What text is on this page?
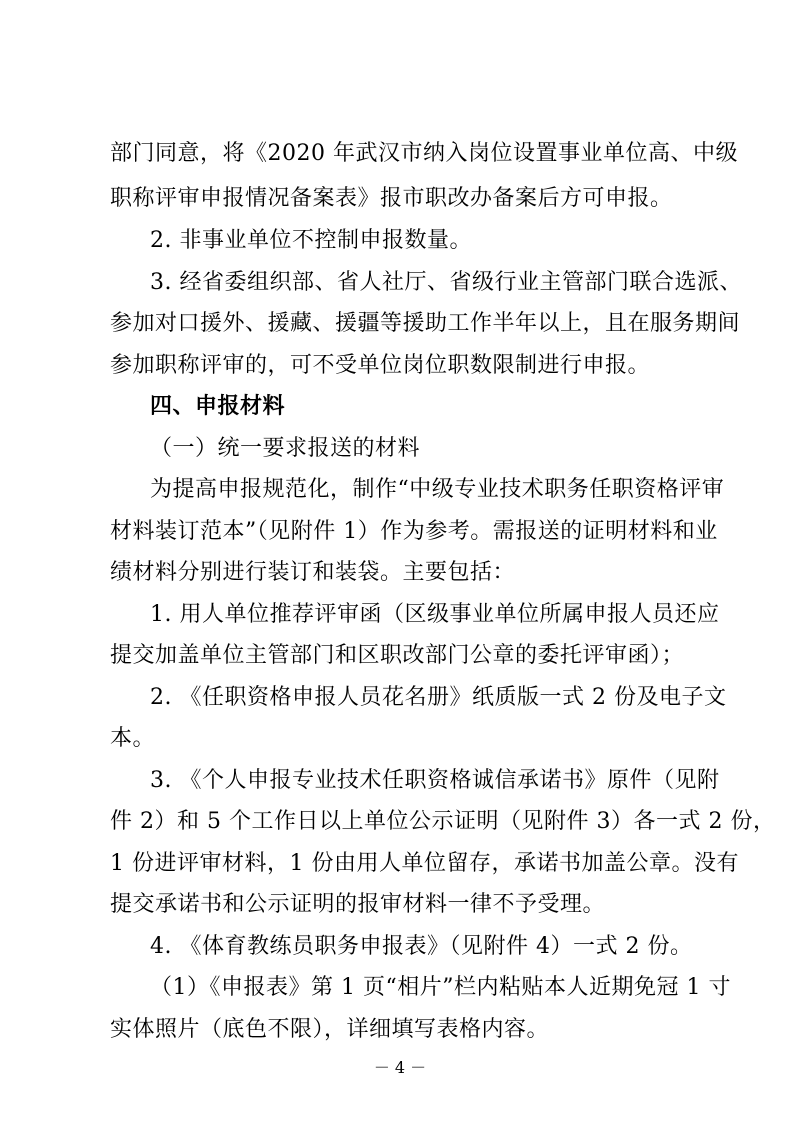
部门同意，将《2020 年武汉市纳入岗位设置事业单位高、中级
职称评审申报情况备案表》报市职改办备案后方可申报。
2. 非事业单位不控制申报数量。
3. 经省委组织部、省人社厅、省级行业主管部门联合选派、
参加对口援外、援藏、援疆等援助工作半年以上，且在服务期间
参加职称评审的，可不受单位岗位职数限制进行申报。
四、申报材料
（一）统一要求报送的材料
为提高申报规范化，制作“中级专业技术职务任职资格评审
材料装订范本”（见附件 1）作为参考。需报送的证明材料和业
绩材料分别进行装订和装袋。主要包括：
1. 用人单位推荐评审函（区级事业单位所属申报人员还应
提交加盖单位主管部门和区职改部门公章的委托评审函）；
2. 《任职资格申报人员花名册》纸质版一式 2 份及电子文
本。
3. 《个人申报专业技术任职资格诚信承诺书》原件（见附
件 2）和 5 个工作日以上单位公示证明（见附件 3）各一式 2 份，
1 份进评审材料，1 份由用人单位留存，承诺书加盖公章。没有
提交承诺书和公示证明的报审材料一律不予受理。
4. 《体育教练员职务申报表》（见附件 4）一式 2 份。
（1）《申报表》第 1 页“相片”栏内粘贴本人近期免冠 1 寸
实体照片（底色不限），详细填写表格内容。
－ 4 －
